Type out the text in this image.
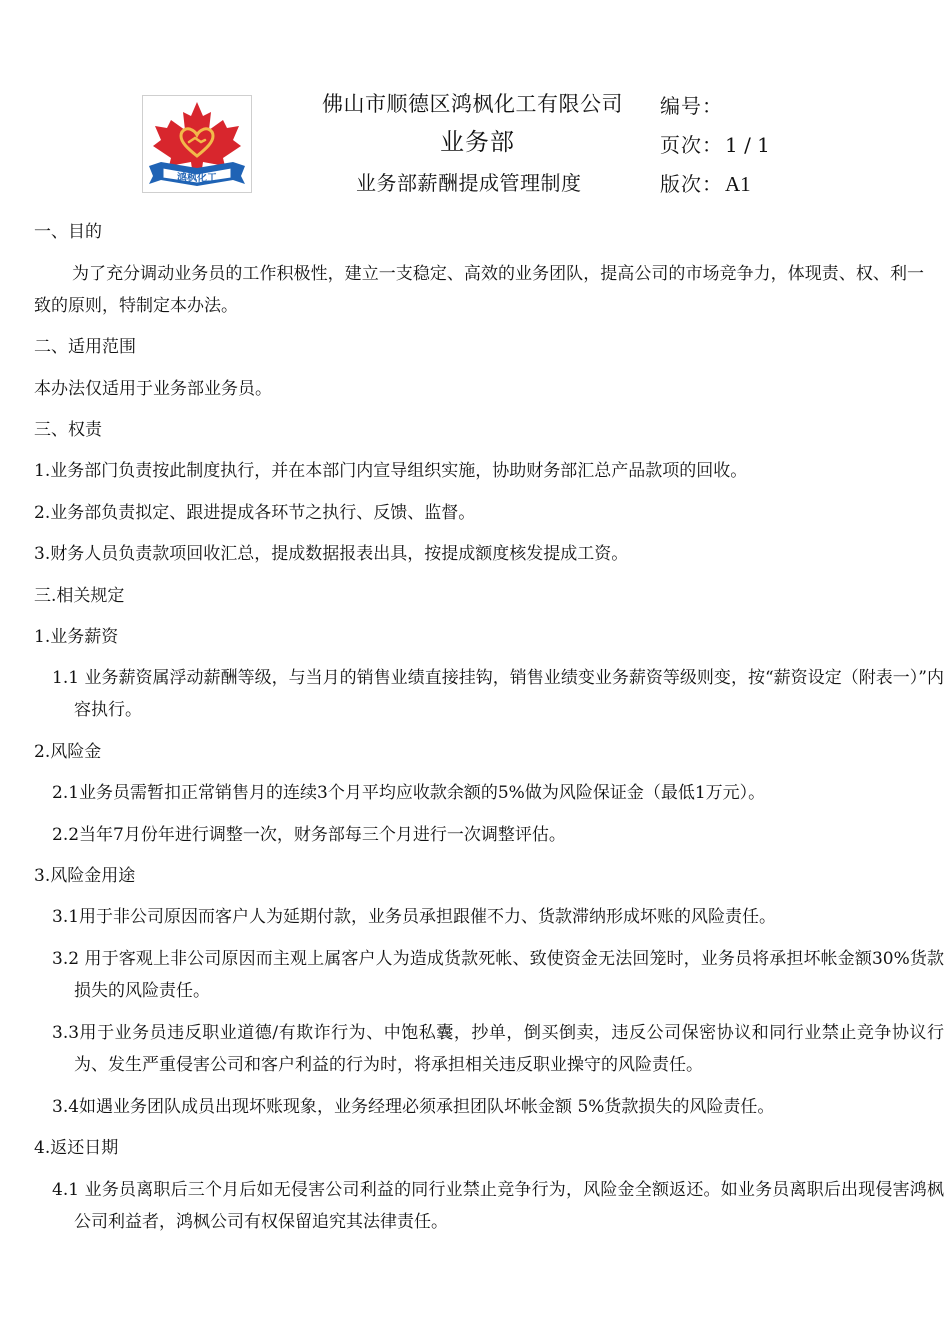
鸿枫化工
佛山市顺德区鸿枫化工有限公司
业务部
业务部薪酬提成管理制度
编号：
页次： 1 / 1
版次：A1
一、目的
为了充分调动业务员的工作积极性，建立一支稳定、高效的业务团队，提高公司的市场竞争力，体现责、权、利一致的原则，特制定本办法。
二、适用范围
本办法仅适用于业务部业务员。
三、权责
1.业务部门负责按此制度执行，并在本部门内宣导组织实施，协助财务部汇总产品款项的回收。
2.业务部负责拟定、跟进提成各环节之执行、反馈、监督。
3.财务人员负责款项回收汇总，提成数据报表出具，按提成额度核发提成工资。
三.相关规定
1.业务薪资
1.1 业务薪资属浮动薪酬等级，与当月的销售业绩直接挂钩，销售业绩变业务薪资等级则变，按“薪资设定（附表一）”内容执行。
2.风险金
2.1业务员需暂扣正常销售月的连续3个月平均应收款余额的5%做为风险保证金（最低1万元）。
2.2当年7月份年进行调整一次，财务部每三个月进行一次调整评估。
3.风险金用途
3.1用于非公司原因而客户人为延期付款，业务员承担跟催不力、货款滞纳形成坏账的风险责任。
3.2 用于客观上非公司原因而主观上属客户人为造成货款死帐、致使资金无法回笼时，业务员将承担坏帐金额30%货款损失的风险责任。
3.3用于业务员违反职业道德/有欺诈行为、中饱私囊，抄单，倒买倒卖，违反公司保密协议和同行业禁止竞争协议行为、发生严重侵害公司和客户利益的行为时，将承担相关违反职业操守的风险责任。
3.4如遇业务团队成员出现坏账现象，业务经理必须承担团队坏帐金额 5%货款损失的风险责任。
4.返还日期
4.1 业务员离职后三个月后如无侵害公司利益的同行业禁止竞争行为，风险金全额返还。如业务员离职后出现侵害鸿枫公司利益者，鸿枫公司有权保留追究其法律责任。
